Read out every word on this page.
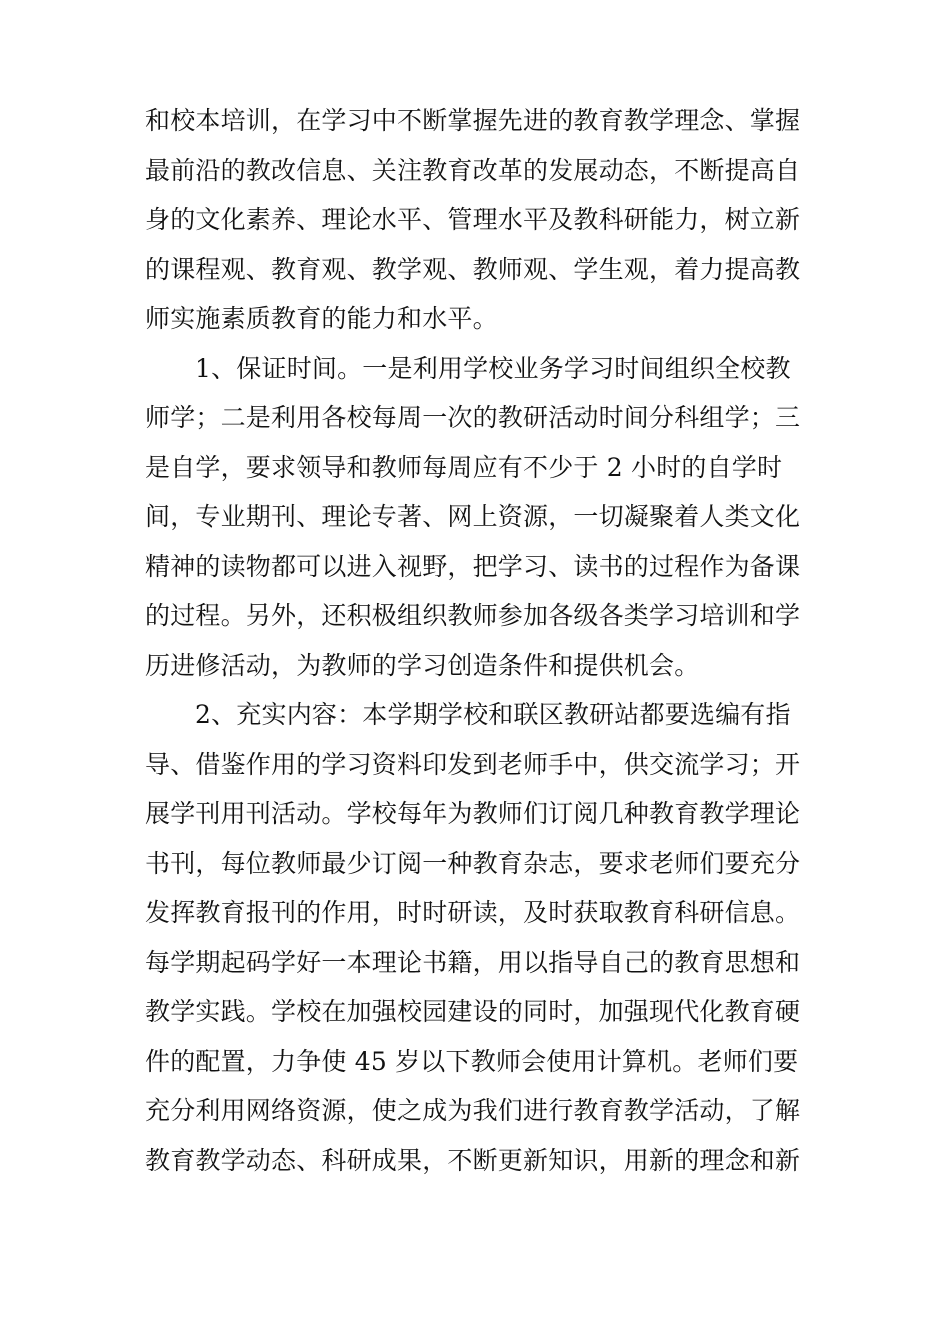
和校本培训，在学习中不断掌握先进的教育教学理念、掌握
最前沿的教改信息、关注教育改革的发展动态，不断提高自
身的文化素养、理论水平、管理水平及教科研能力，树立新
的课程观、教育观、教学观、教师观、学生观，着力提高教
师实施素质教育的能力和水平。
1、保证时间。一是利用学校业务学习时间组织全校教
师学；二是利用各校每周一次的教研活动时间分科组学；三
是自学，要求领导和教师每周应有不少于 2 小时的自学时
间，专业期刊、理论专著、网上资源，一切凝聚着人类文化
精神的读物都可以进入视野，把学习、读书的过程作为备课
的过程。另外，还积极组织教师参加各级各类学习培训和学
历进修活动，为教师的学习创造条件和提供机会。
2、充实内容：本学期学校和联区教研站都要选编有指
导、借鉴作用的学习资料印发到老师手中，供交流学习；开
展学刊用刊活动。学校每年为教师们订阅几种教育教学理论
书刊，每位教师最少订阅一种教育杂志，要求老师们要充分
发挥教育报刊的作用，时时研读，及时获取教育科研信息。
每学期起码学好一本理论书籍，用以指导自己的教育思想和
教学实践。学校在加强校园建设的同时，加强现代化教育硬
件的配置，力争使 45 岁以下教师会使用计算机。老师们要
充分利用网络资源，使之成为我们进行教育教学活动，了解
教育教学动态、科研成果，不断更新知识，用新的理念和新
